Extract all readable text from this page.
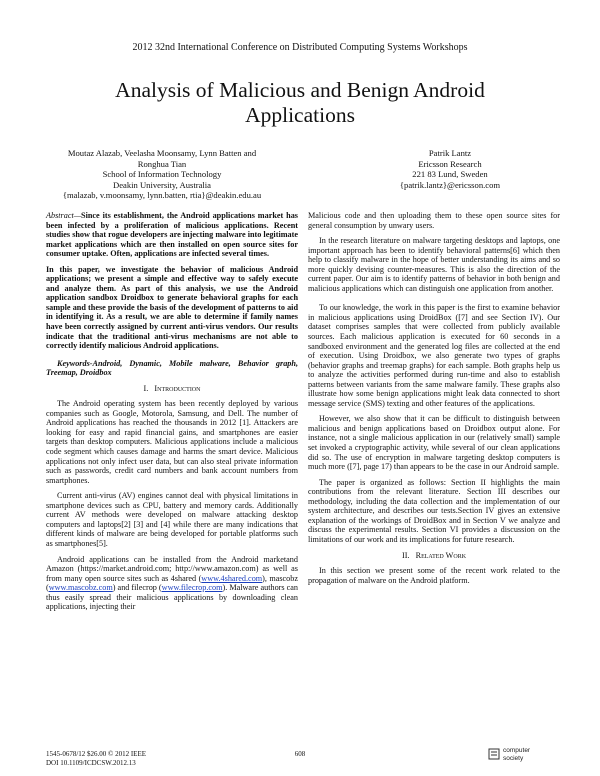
2012 32nd International Conference on Distributed Computing Systems Workshops
Analysis of Malicious and Benign Android
Applications
Moutaz Alazab, Veelasha Moonsamy, Lynn Batten and
Ronghua Tian
School of Information Technology
Deakin University, Australia
{malazab, v.moonsamy, lynn.batten, rtia}@deakin.edu.au
Patrik Lantz
Ericsson Research
221 83 Lund, Sweden
{patrik.lantz}@ericsson.com

Abstract—Since its establishment, the Android applications market has been infected by a proliferation of malicious applications. Recent studies show that rogue developers are injecting malware into legitimate market applications which are then installed on open source sites for consumer uptake. Often, applications are infected several times.

In this paper, we investigate the behavior of malicious Android applications; we present a simple and effective way to safely execute and analyze them. As part of this analysis, we use the Android application sandbox Droidbox to generate behavioral graphs for each sample and these provide the basis of the development of patterns to aid in identifying it. As a result, we are able to determine if family names have been correctly assigned by current anti-virus vendors. Our results indicate that the traditional anti-virus mechanisms are not able to correctly identify malicious Android applications.

Keywords-Android, Dynamic, Mobile malware, Behavior graph, Treemap, Droidbox

I. Introduction

The Android operating system has been recently deployed by various companies such as Google, Motorola, Samsung, and Dell. The number of Android applications has reached the thousands in 2012 [1]. Attackers are looking for easy and rapid financial gains, and smartphones are easier targets than desktop computers. Malicious applications include a malicious code segment which causes damage and harms the smart device. Malicious applications not only infect user data, but can also steal private information such as passwords, credit card numbers and bank account numbers from smartphones.

Current anti-virus (AV) engines cannot deal with physical limitations in smartphone devices such as CPU, battery and memory cards. Additionally current AV methods were developed on malware attacking desktop computers and laptops[2] [3] and [4] while there are many indications that different kinds of malware are being developed for portable platforms such as smartphones[5].

Android applications can be installed from the Android marketand Amazon (https://market.android.com; http://www.amazon.com) as well as from many open source sites such as 4shared (www.4shared.com), mascobz (www.mascobz.com) and filecrop (www.filecrop.com). Malware authors can thus easily spread their malicious applications by downloading clean applications, injecting their

Malicious code and then uploading them to these open source sites for general consumption by unwary users.

In the research literature on malware targeting desktops and laptops, one important approach has been to identify behavioral patterns[6] which then help to classify malware in the hope of better understanding its aims and so more quickly devising counter-measures. This is also the direction of the current paper. Our aim is to identify patterns of behavior in both benign and malicious applications which can distinguish one application from another.

To our knowledge, the work in this paper is the first to examine behavior in malicious applications using DroidBox ([7] and see Section IV). Our dataset comprises samples that were collected from publicly available sources. Each malicious application is executed for 60 seconds in a sandboxed environment and the generated log files are collected at the end of execution. Using Droidbox, we also generate two types of graphs (behavior graphs and treemap graphs) for each sample. Both graphs help us to analyze the activities performed during run-time and also to establish patterns between variants from the same malware family. These graphs also illustrate how some benign applications might leak data connected to short message service (SMS) texting and other features of the applications.

However, we also show that it can be difficult to distinguish between malicious and benign applications based on Droidbox output alone. For instance, not a single malicious application in our (relatively small) sample set invoked a cryptographic activity, while several of our clean applications did so. The use of encryption in malware targeting desktop computers is much more ([7], page 17) than appears to be the case in our Android sample.

The paper is organized as follows: Section II highlights the main contributions from the relevant literature. Section III describes our methodology, including the data collection and the implementation of our system architecture, and describes our tests.Section IV gives an extensive explanation of the workings of DroidBox and in Section V we analyze and discuss the experimental results. Section VI provides a discussion on the limitations of our work and its implications for future research.

II. Related Work

In this section we present some of the recent work related to the propagation of malware on the Android platform.

1545-0678/12 $26.00 © 2012 IEEE
DOI 10.1109/ICDCSW.2012.13
608	computer
society
